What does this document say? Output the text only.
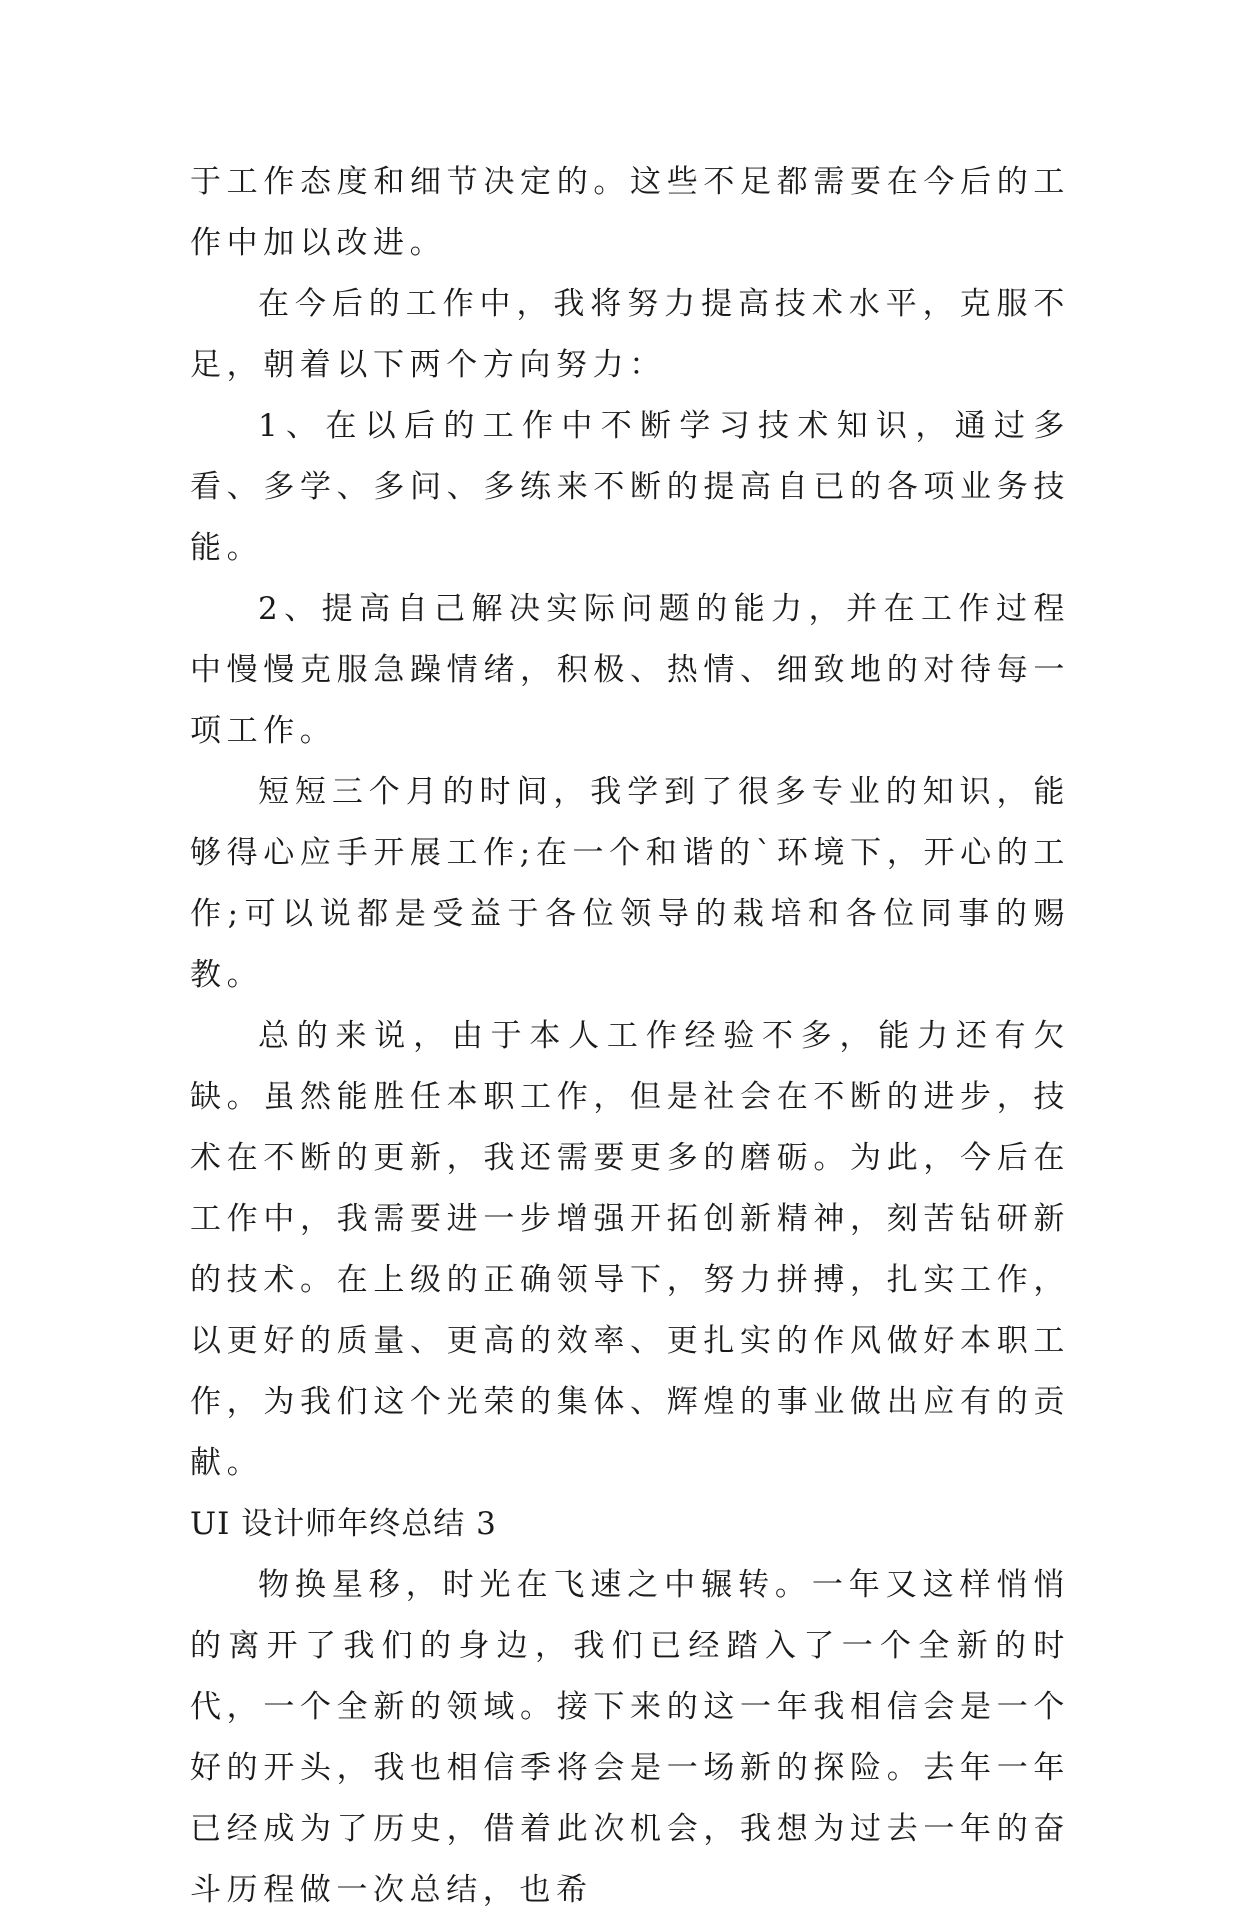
于工作态度和细节决定的。这些不足都需要在今后的工作中加以改进。

在今后的工作中，我将努力提高技术水平，克服不足，朝着以下两个方向努力：

1、在以后的工作中不断学习技术知识，通过多看、多学、多问、多练来不断的提高自已的各项业务技能。

2、提高自己解决实际问题的能力，并在工作过程中慢慢克服急躁情绪，积极、热情、细致地的对待每一项工作。

短短三个月的时间，我学到了很多专业的知识，能够得心应手开展工作;在一个和谐的`环境下，开心的工作;可以说都是受益于各位领导的栽培和各位同事的赐教。

总的来说，由于本人工作经验不多，能力还有欠缺。虽然能胜任本职工作，但是社会在不断的进步，技术在不断的更新，我还需要更多的磨砺。为此，今后在工作中，我需要进一步增强开拓创新精神，刻苦钻研新的技术。在上级的正确领导下，努力拼搏，扎实工作，以更好的质量、更高的效率、更扎实的作风做好本职工作，为我们这个光荣的集体、辉煌的事业做出应有的贡献。

UI 设计师年终总结 3

物换星移，时光在飞速之中辗转。一年又这样悄悄的离开了我们的身边，我们已经踏入了一个全新的时代，一个全新的领域。接下来的这一年我相信会是一个好的开头，我也相信季将会是一场新的探险。去年一年已经成为了历史，借着此次机会，我想为过去一年的奋斗历程做一次总结，也希
